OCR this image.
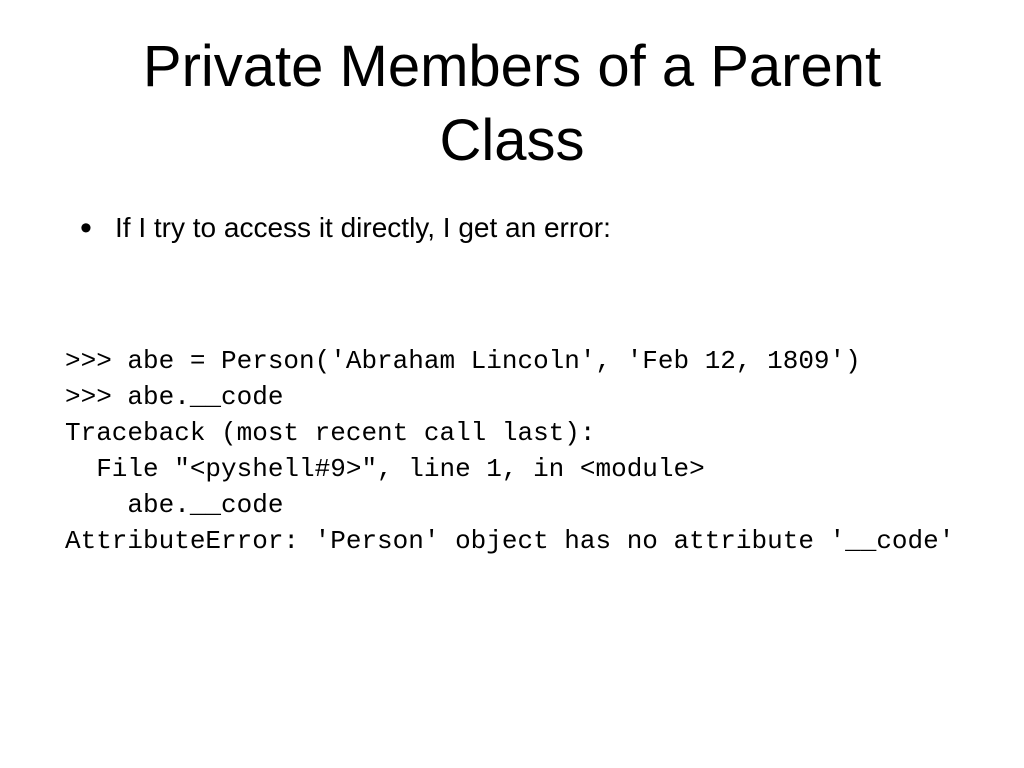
Private Members of a Parent
Class
• If I try to access it directly, I get an error:
>>> abe = Person('Abraham Lincoln', 'Feb 12, 1809')
>>> abe.__code
Traceback (most recent call last):
File "<pyshell#9>", line 1, in <module>
abe.__code
AttributeError: 'Person' object has no attribute '__code'
